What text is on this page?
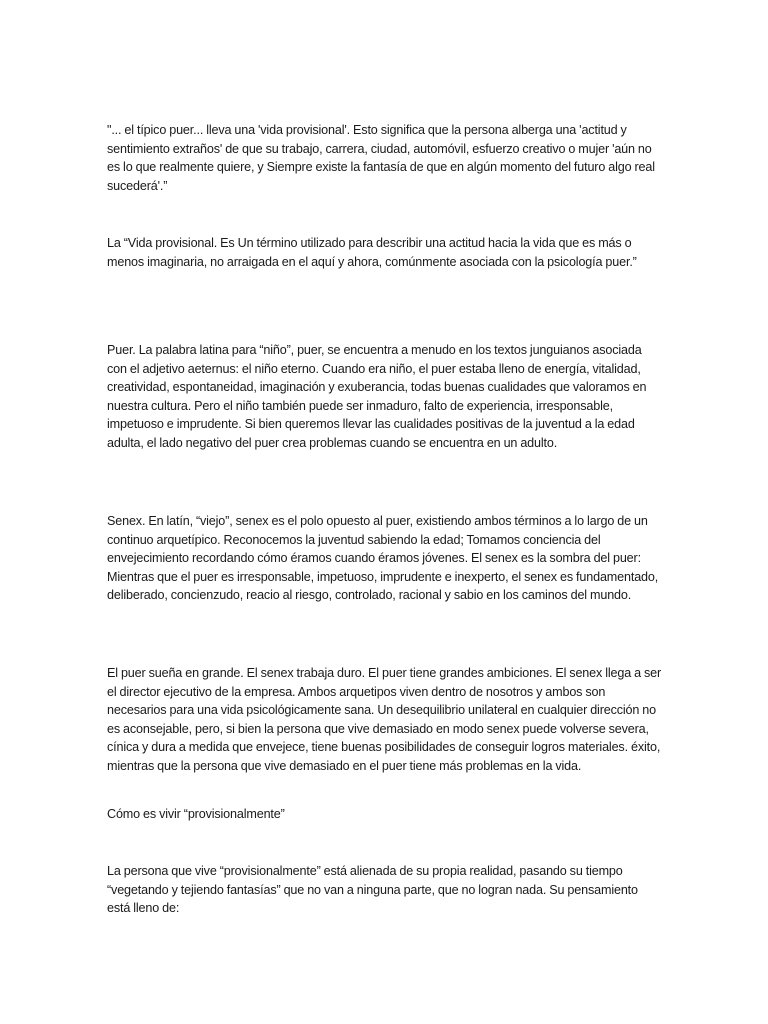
"... el típico puer... lleva una 'vida provisional'. Esto significa que la persona alberga una 'actitud y sentimiento extraños' de que su trabajo, carrera, ciudad, automóvil, esfuerzo creativo o mujer 'aún no es lo que realmente quiere, y Siempre existe la fantasía de que en algún momento del futuro algo real sucederá'.”

La “Vida provisional. Es Un término utilizado para describir una actitud hacia la vida que es más o menos imaginaria, no arraigada en el aquí y ahora, comúnmente asociada con la psicología puer.”

Puer. La palabra latina para “niño”, puer, se encuentra a menudo en los textos junguianos asociada con el adjetivo aeternus: el niño eterno. Cuando era niño, el puer estaba lleno de energía, vitalidad, creatividad, espontaneidad, imaginación y exuberancia, todas buenas cualidades que valoramos en nuestra cultura. Pero el niño también puede ser inmaduro, falto de experiencia, irresponsable, impetuoso e imprudente. Si bien queremos llevar las cualidades positivas de la juventud a la edad adulta, el lado negativo del puer crea problemas cuando se encuentra en un adulto.

Senex. En latín, “viejo”, senex es el polo opuesto al puer, existiendo ambos términos a lo largo de un continuo arquetípico. Reconocemos la juventud sabiendo la edad; Tomamos conciencia del envejecimiento recordando cómo éramos cuando éramos jóvenes. El senex es la sombra del puer: Mientras que el puer es irresponsable, impetuoso, imprudente e inexperto, el senex es fundamentado, deliberado, concienzudo, reacio al riesgo, controlado, racional y sabio en los caminos del mundo.

El puer sueña en grande. El senex trabaja duro. El puer tiene grandes ambiciones. El senex llega a ser el director ejecutivo de la empresa. Ambos arquetipos viven dentro de nosotros y ambos son necesarios para una vida psicológicamente sana. Un desequilibrio unilateral en cualquier dirección no es aconsejable, pero, si bien la persona que vive demasiado en modo senex puede volverse severa, cínica y dura a medida que envejece, tiene buenas posibilidades de conseguir logros materiales. éxito, mientras que la persona que vive demasiado en el puer tiene más problemas en la vida.

Cómo es vivir “provisionalmente”

La persona que vive “provisionalmente” está alienada de su propia realidad, pasando su tiempo “vegetando y tejiendo fantasías” que no van a ninguna parte, que no logran nada. Su pensamiento está lleno de:
